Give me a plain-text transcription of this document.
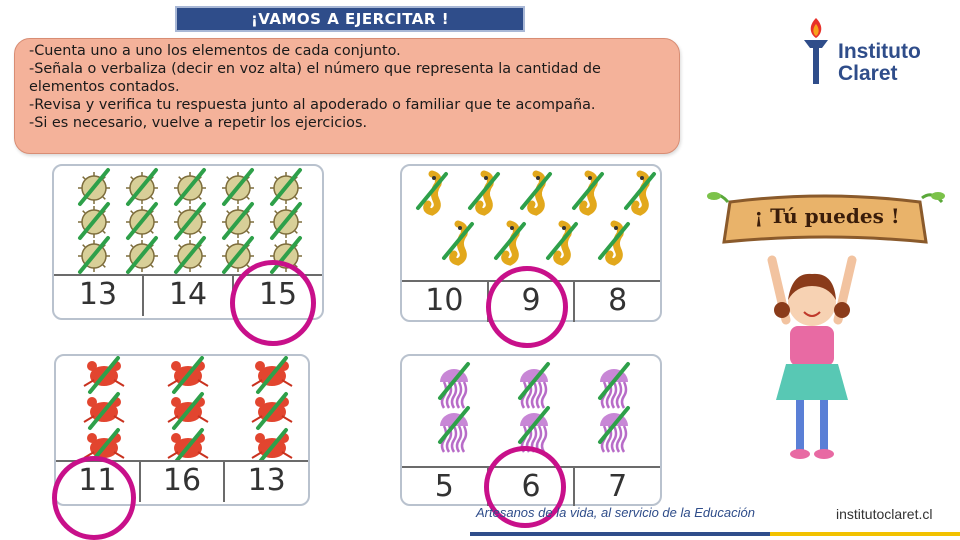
¡VAMOS A EJERCITAR !
-Cuenta uno a uno los elementos de cada conjunto.
-Señala o verbaliza (decir en voz alta) el número que representa la cantidad de
elementos contados.
-Revisa y verifica tu respuesta junto al apoderado o familiar que te acompaña.
-Si es necesario, vuelve a repetir los ejercicios.
Instituto
Claret
13	14	15	10	9	8
11	16	13	5	6	7
¡ Tú puedes !
Artesanos de la vida, al servicio de la Educación	institutoclaret.cl
